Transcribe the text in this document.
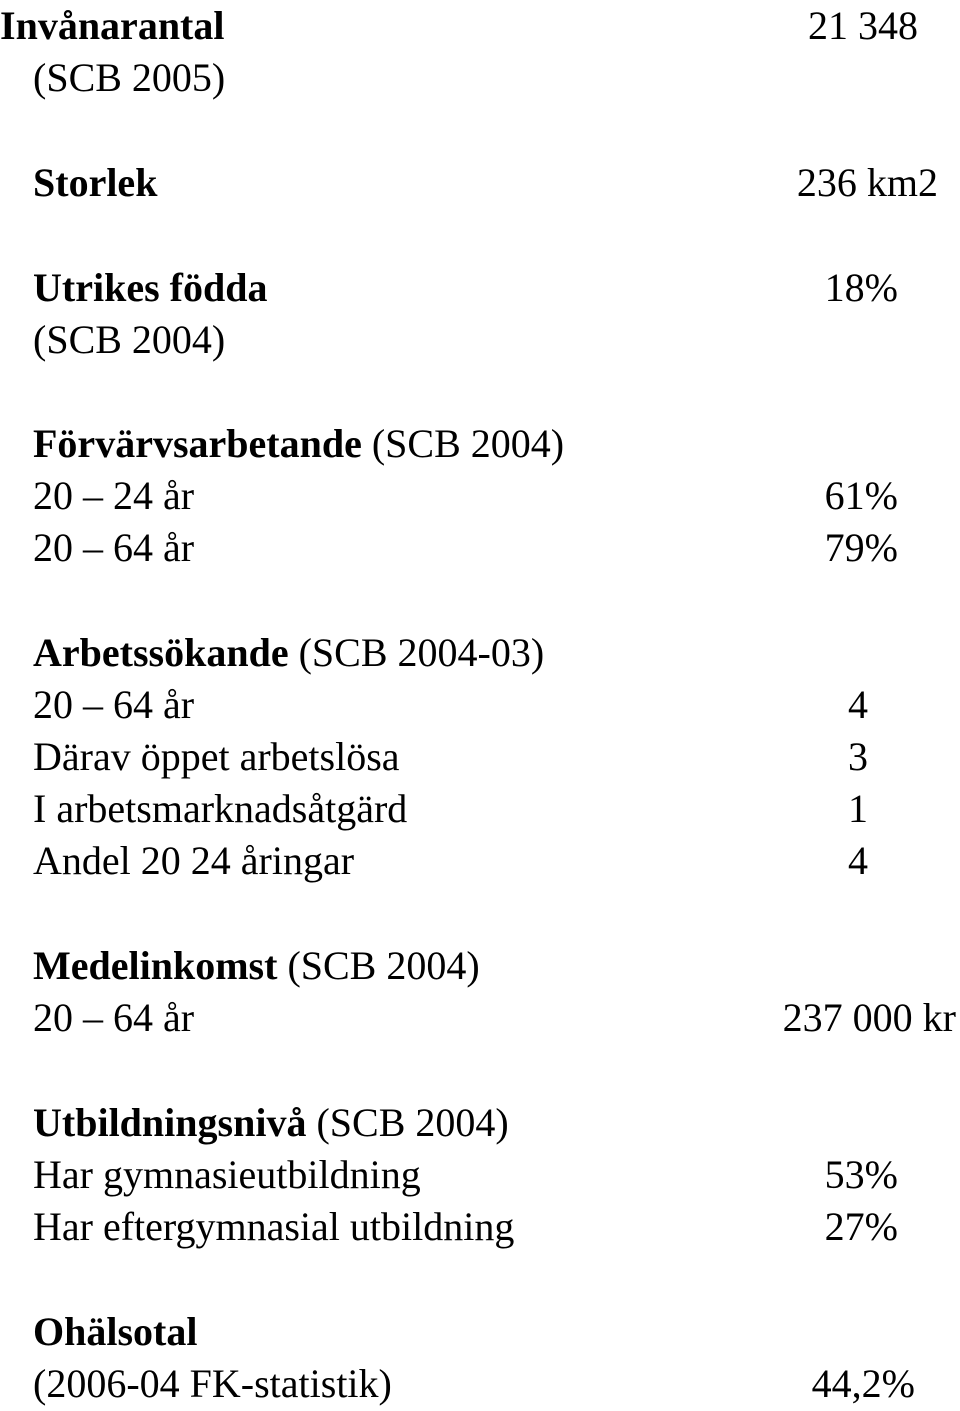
Invånarantal	21 348
(SCB 2005)
Storlek	236 km2
Utrikes födda	18%
(SCB 2004)
Förvärvsarbetande (SCB 2004)
20 – 24 år	61%
20 – 64 år	79%
Arbetssökande (SCB 2004-03)
20 – 64 år	4
Därav öppet arbetslösa	3
I arbetsmarknadsåtgärd	1
Andel 20 24 åringar	4
Medelinkomst (SCB 2004)
20 – 64 år	237 000 kr
Utbildningsnivå (SCB 2004)
Har gymnasieutbildning	53%
Har eftergymnasial utbildning	27%
Ohälsotal
(2006-04 FK-statistik)	44,2%
